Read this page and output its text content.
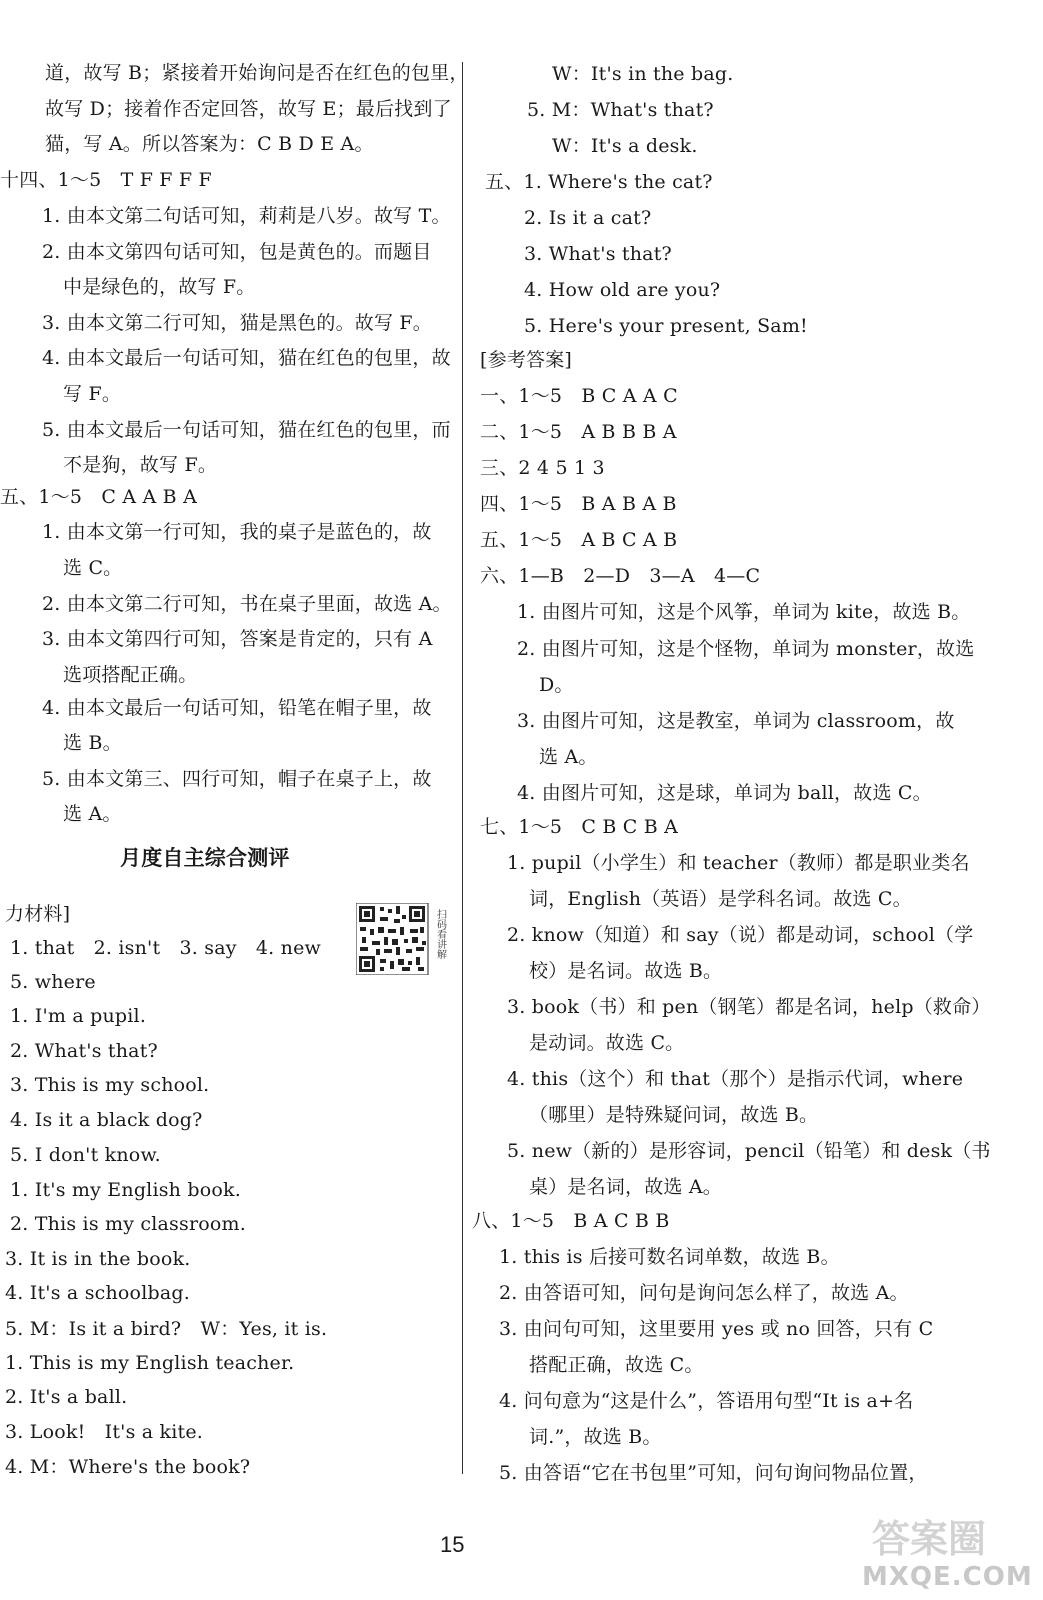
道，故写 B；紧接着开始询问是否在红色的包里，
故写 D；接着作否定回答，故写 E；最后找到了
猫，写 A。所以答案为：C B D E A。
十四、1～5　T F F F F
1. 由本文第二句话可知，莉莉是八岁。故写 T。
2. 由本文第四句话可知，包是黄色的。而题目
中是绿色的，故写 F。
3. 由本文第二行可知，猫是黑色的。故写 F。
4. 由本文最后一句话可知，猫在红色的包里，故
写 F。
5. 由本文最后一句话可知，猫在红色的包里，而
不是狗，故写 F。
五、1～5　C A A B A
1. 由本文第一行可知，我的桌子是蓝色的，故
选 C。
2. 由本文第二行可知，书在桌子里面，故选 A。
3. 由本文第四行可知，答案是肯定的，只有 A
选项搭配正确。
4. 由本文最后一句话可知，铅笔在帽子里，故
选 B。
5. 由本文第三、四行可知，帽子在桌子上，故
选 A。
力材料]
1. that　2. isn't　3. say　4. new
5. where
1. I'm a pupil.
2. What's that?
3. This is my school.
4. Is it a black dog?
5. I don't know.
1. It's my English book.
2. This is my classroom.
3. It is in the book.
4. It's a schoolbag.
5. M：Is it a bird?　W：Yes, it is.
1. This is my English teacher.
2. It's a ball.
3. Look!　It's a kite.
4. M：Where's the book?
月度自主综合测评
W：It's in the bag.
5. M：What's that?
W：It's a desk.
五、1. Where's the cat?
2. Is it a cat?
3. What's that?
4. How old are you?
5. Here's your present, Sam!
[参考答案]
一、1～5　B C A A C
二、1～5　A B B B A
三、2 4 5 1 3
四、1～5　B A B A B
五、1～5　A B C A B
六、1—B　2—D　3—A　4—C
1. 由图片可知，这是个风筝，单词为 kite，故选 B。
2. 由图片可知，这是个怪物，单词为 monster，故选
D。
3. 由图片可知，这是教室，单词为 classroom，故
选 A。
4. 由图片可知，这是球，单词为 ball，故选 C。
七、1～5　C B C B A
1. pupil（小学生）和 teacher（教师）都是职业类名
词，English（英语）是学科名词。故选 C。
2. know（知道）和 say（说）都是动词，school（学
校）是名词。故选 B。
3. book（书）和 pen（钢笔）都是名词，help（救命）
是动词。故选 C。
4. this（这个）和 that（那个）是指示代词，where
（哪里）是特殊疑问词，故选 B。
5. new（新的）是形容词，pencil（铅笔）和 desk（书
桌）是名词，故选 A。
八、1～5　B A C B B
1. this is 后接可数名词单数，故选 B。
2. 由答语可知，问句是询问怎么样了，故选 A。
3. 由问句可知，这里要用 yes 或 no 回答，只有 C
搭配正确，故选 C。
4. 问句意为“这是什么”，答语用句型“It is a+名
词.”，故选 B。
5. 由答语“它在书包里”可知，问句询问物品位置，
扫码看讲解
15	答案圈
MXQE.COM
